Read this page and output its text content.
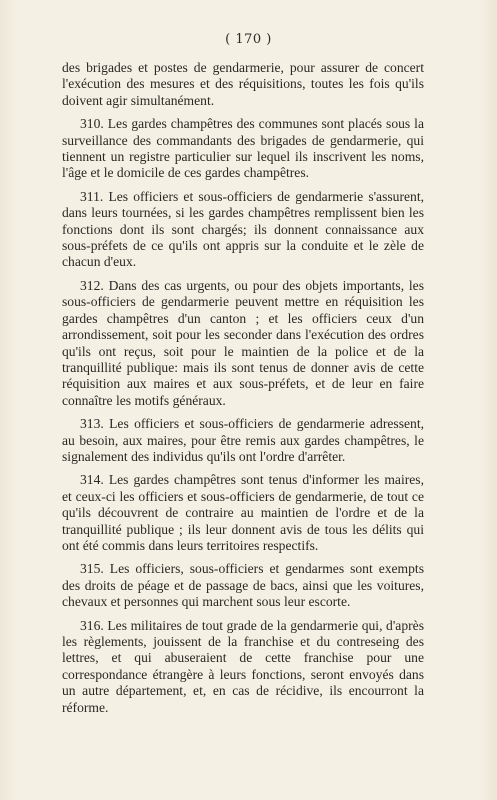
( 170 )

des brigades et postes de gendarmerie, pour assurer de concert l'exécution des mesures et des réquisitions, toutes les fois qu'ils doivent agir simultanément.

310. Les gardes champêtres des communes sont placés sous la surveillance des commandants des brigades de gendarmerie, qui tiennent un registre particulier sur lequel ils inscrivent les noms, l'âge et le domicile de ces gardes champêtres.

311. Les officiers et sous-officiers de gendarmerie s'assurent, dans leurs tournées, si les gardes champêtres remplissent bien les fonctions dont ils sont chargés; ils donnent connaissance aux sous-préfets de ce qu'ils ont appris sur la conduite et le zèle de chacun d'eux.

312. Dans des cas urgents, ou pour des objets importants, les sous-officiers de gendarmerie peuvent mettre en réquisition les gardes champêtres d'un canton ; et les officiers ceux d'un arrondissement, soit pour les seconder dans l'exécution des ordres qu'ils ont reçus, soit pour le maintien de la police et de la tranquillité publique: mais ils sont tenus de donner avis de cette réquisition aux maires et aux sous-préfets, et de leur en faire connaître les motifs généraux.

313. Les officiers et sous-officiers de gendarmerie adressent, au besoin, aux maires, pour être remis aux gardes champêtres, le signalement des individus qu'ils ont l'ordre d'arrêter.

314. Les gardes champêtres sont tenus d'informer les maires, et ceux-ci les officiers et sous-officiers de gendarmerie, de tout ce qu'ils découvrent de contraire au maintien de l'ordre et de la tranquillité publique ; ils leur donnent avis de tous les délits qui ont été commis dans leurs territoires respectifs.

315. Les officiers, sous-officiers et gendarmes sont exempts des droits de péage et de passage de bacs, ainsi que les voitures, chevaux et personnes qui marchent sous leur escorte.

316. Les militaires de tout grade de la gendarmerie qui, d'après les règlements, jouissent de la franchise et du contreseing des lettres, et qui abuseraient de cette franchise pour une correspondance étrangère à leurs fonctions, seront envoyés dans un autre département, et, en cas de récidive, ils encourront la réforme.
